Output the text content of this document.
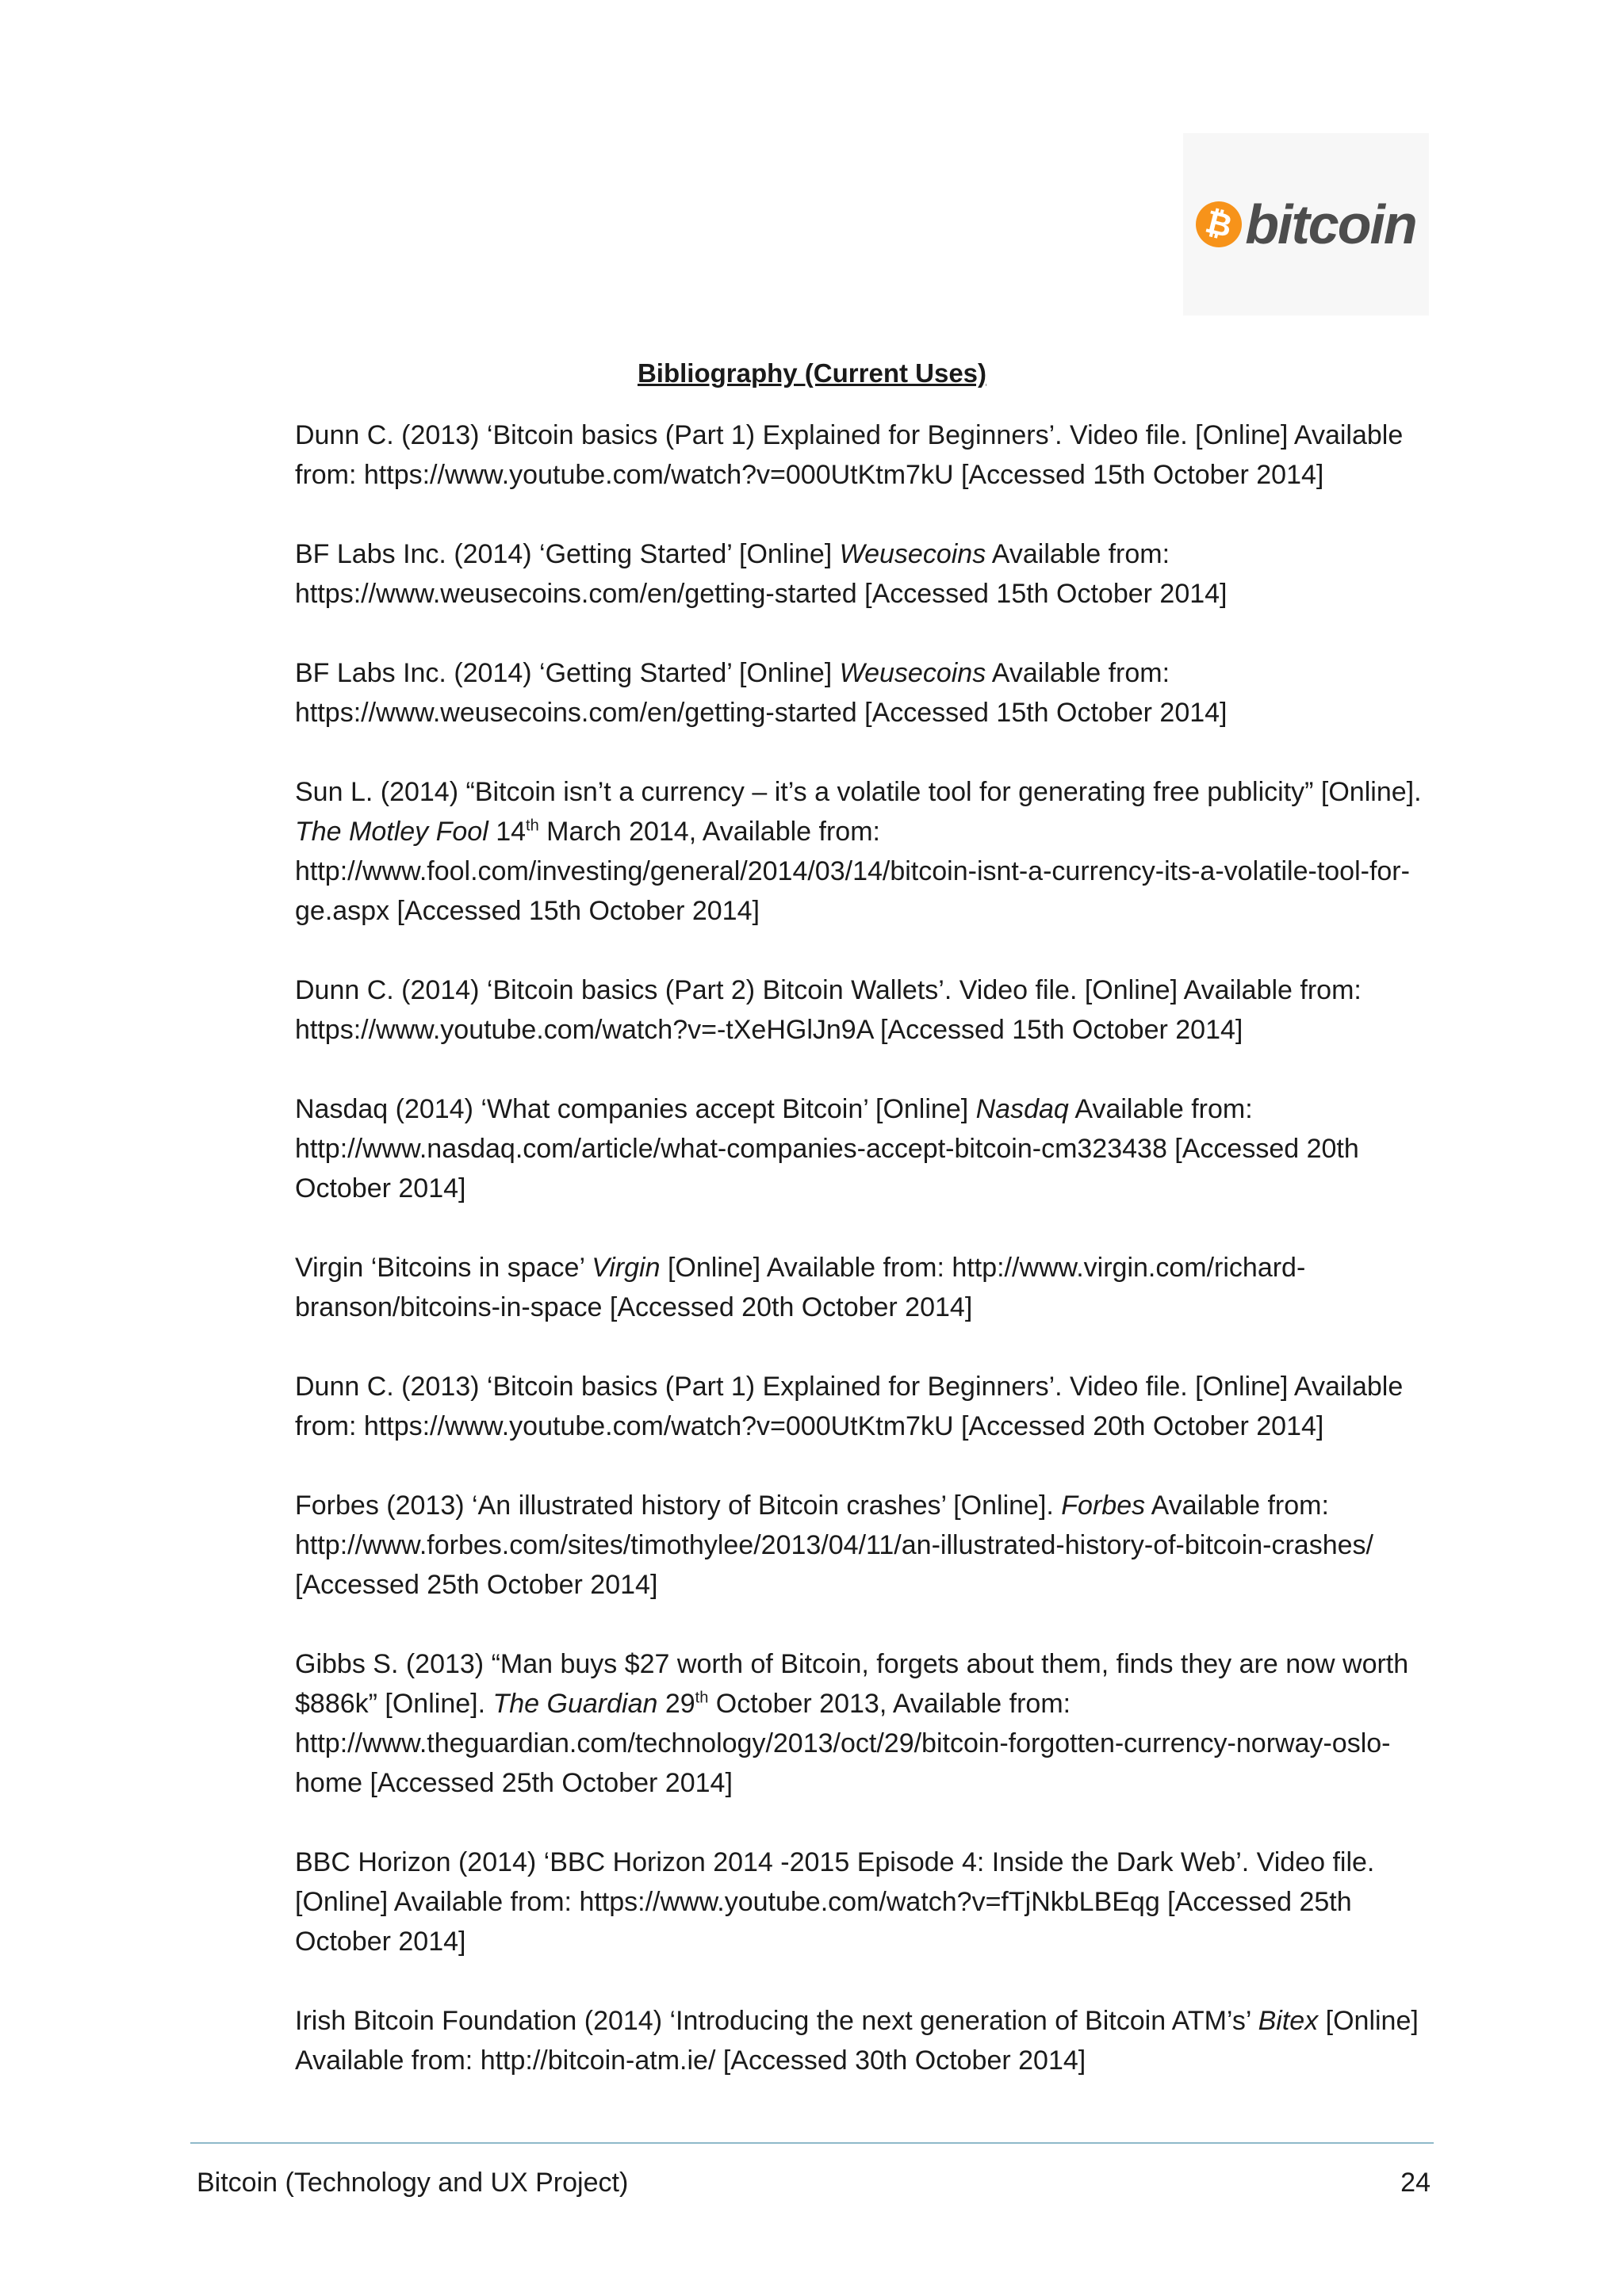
₿ bitcoin
Bibliography (Current Uses)

Dunn C. (2013) ‘Bitcoin basics (Part 1) Explained for Beginners’. Video file. [Online] Available from: https://www.youtube.com/watch?v=000UtKtm7kU [Accessed 15th October 2014]

BF Labs Inc. (2014) ‘Getting Started’ [Online] Weusecoins Available from: https://www.weusecoins.com/en/getting-started [Accessed 15th October 2014]

BF Labs Inc. (2014) ‘Getting Started’ [Online] Weusecoins Available from: https://www.weusecoins.com/en/getting-started [Accessed 15th October 2014]

Sun L. (2014) “Bitcoin isn’t a currency – it’s a volatile tool for generating free publicity” [Online]. The Motley Fool 14th March 2014, Available from: http://www.fool.com/investing/general/2014/03/14/bitcoin-isnt-a-currency-its-a-volatile-tool-for-ge.aspx [Accessed 15th October 2014]

Dunn C. (2014) ‘Bitcoin basics (Part 2) Bitcoin Wallets’. Video file. [Online] Available from: https://www.youtube.com/watch?v=-tXeHGlJn9A [Accessed 15th October 2014]

Nasdaq (2014) ‘What companies accept Bitcoin’ [Online] Nasdaq Available from: http://www.nasdaq.com/article/what-companies-accept-bitcoin-cm323438 [Accessed 20th October 2014]

Virgin ‘Bitcoins in space’ Virgin [Online] Available from: http://www.virgin.com/richard-branson/bitcoins-in-space [Accessed 20th October 2014]

Dunn C. (2013) ‘Bitcoin basics (Part 1) Explained for Beginners’. Video file. [Online] Available from: https://www.youtube.com/watch?v=000UtKtm7kU [Accessed 20th October 2014]

Forbes (2013) ‘An illustrated history of Bitcoin crashes’ [Online]. Forbes Available from: http://www.forbes.com/sites/timothylee/2013/04/11/an-illustrated-history-of-bitcoin-crashes/ [Accessed 25th October 2014]

Gibbs S. (2013) “Man buys $27 worth of Bitcoin, forgets about them, finds they are now worth $886k” [Online]. The Guardian 29th October 2013, Available from: http://www.theguardian.com/technology/2013/oct/29/bitcoin-forgotten-currency-norway-oslo-home [Accessed 25th October 2014]

BBC Horizon (2014) ‘BBC Horizon 2014 -2015 Episode 4: Inside the Dark Web’. Video file. [Online] Available from: https://www.youtube.com/watch?v=fTjNkbLBEqg [Accessed 25th October 2014]

Irish Bitcoin Foundation (2014) ‘Introducing the next generation of Bitcoin ATM’s’ Bitex [Online] Available from: http://bitcoin-atm.ie/ [Accessed 30th October 2014]

Bitcoin (Technology and UX Project)	24
